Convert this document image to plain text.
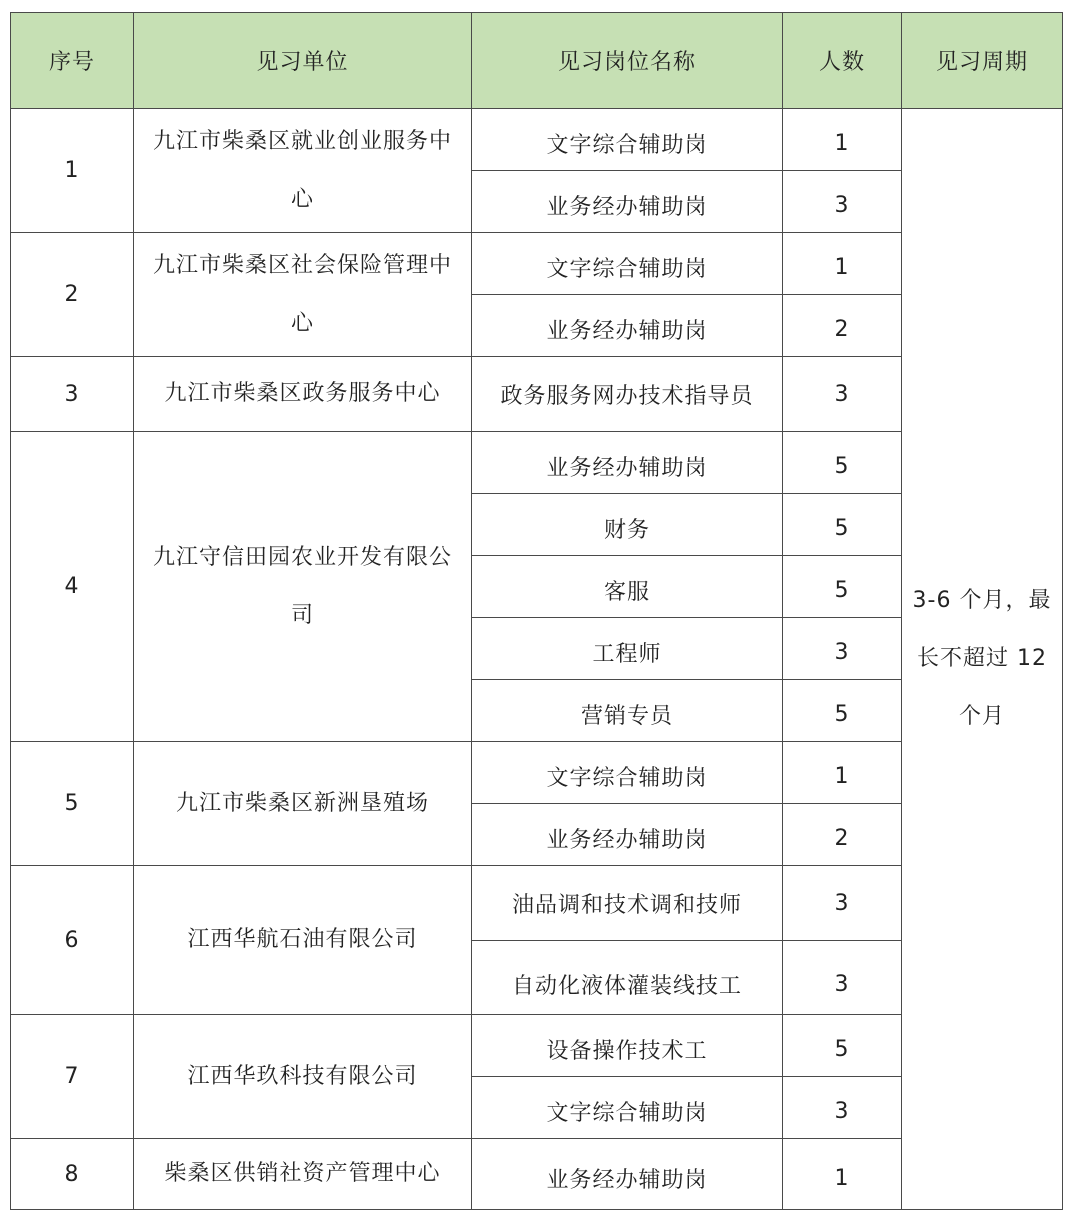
序号	见习单位	见习岗位名称	人数	见习周期
1	九江市柴桑区就业创业服务中心	文字综合辅助岗	1	3-6 个月，最长不超过 12 个月
		业务经办辅助岗	3	
2	九江市柴桑区社会保险管理中心	文字综合辅助岗	1	
		业务经办辅助岗	2	
3	九江市柴桑区政务服务中心	政务服务网办技术指导员	3	
4	九江守信田园农业开发有限公司	业务经办辅助岗	5	
		财务	5	
		客服	5	
		工程师	3	
		营销专员	5	
5	九江市柴桑区新洲垦殖场	文字综合辅助岗	1	
		业务经办辅助岗	2	
6	江西华航石油有限公司	油品调和技术调和技师	3	
		自动化液体灌装线技工	3	
7	江西华玖科技有限公司	设备操作技术工	5	
		文字综合辅助岗	3	
8	柴桑区供销社资产管理中心	业务经办辅助岗	1	
